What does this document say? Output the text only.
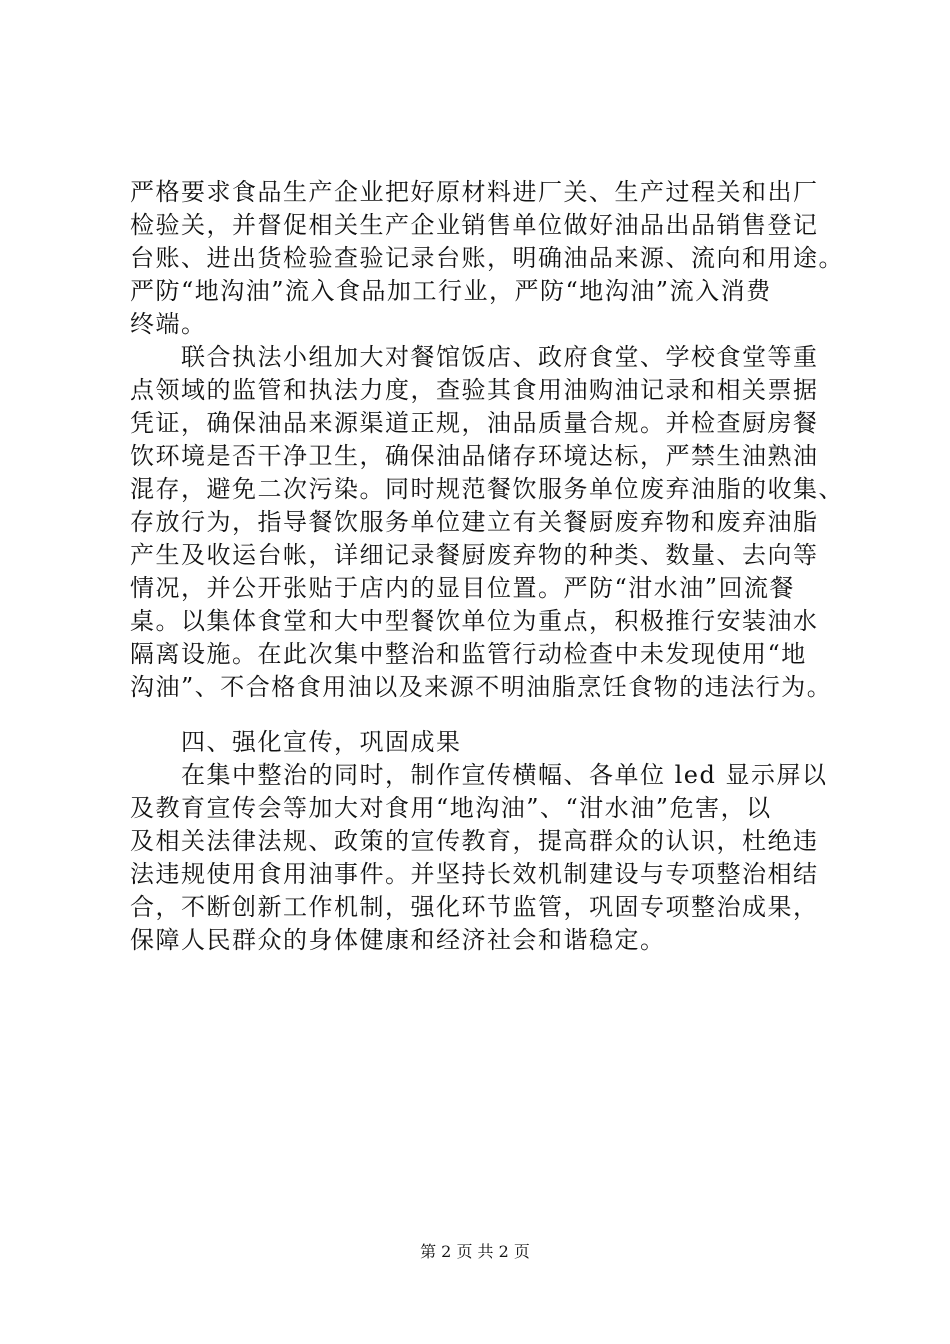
严格要求食品生产企业把好原材料进厂关、生产过程关和出厂
检验关，并督促相关生产企业销售单位做好油品出品销售登记
台账、进出货检验查验记录台账，明确油品来源、流向和用途。
严防“地沟油”流入食品加工行业，严防“地沟油”流入消费
终端。
　　联合执法小组加大对餐馆饭店、政府食堂、学校食堂等重
点领域的监管和执法力度，查验其食用油购油记录和相关票据
凭证，确保油品来源渠道正规，油品质量合规。并检查厨房餐
饮环境是否干净卫生，确保油品储存环境达标，严禁生油熟油
混存，避免二次污染。同时规范餐饮服务单位废弃油脂的收集、
存放行为，指导餐饮服务单位建立有关餐厨废弃物和废弃油脂
产生及收运台帐，详细记录餐厨废弃物的种类、数量、去向等
情况，并公开张贴于店内的显目位置。严防“泔水油”回流餐
桌。以集体食堂和大中型餐饮单位为重点，积极推行安装油水
隔离设施。在此次集中整治和监管行动检查中未发现使用“地
沟油”、不合格食用油以及来源不明油脂烹饪食物的违法行为。
　　四、强化宣传，巩固成果
　　在集中整治的同时，制作宣传横幅、各单位 led 显示屏以
及教育宣传会等加大对食用“地沟油”、“泔水油”危害，以
及相关法律法规、政策的宣传教育，提高群众的认识，杜绝违
法违规使用食用油事件。并坚持长效机制建设与专项整治相结
合，不断创新工作机制，强化环节监管，巩固专项整治成果，
保障人民群众的身体健康和经济社会和谐稳定。
第 2 页 共 2 页
